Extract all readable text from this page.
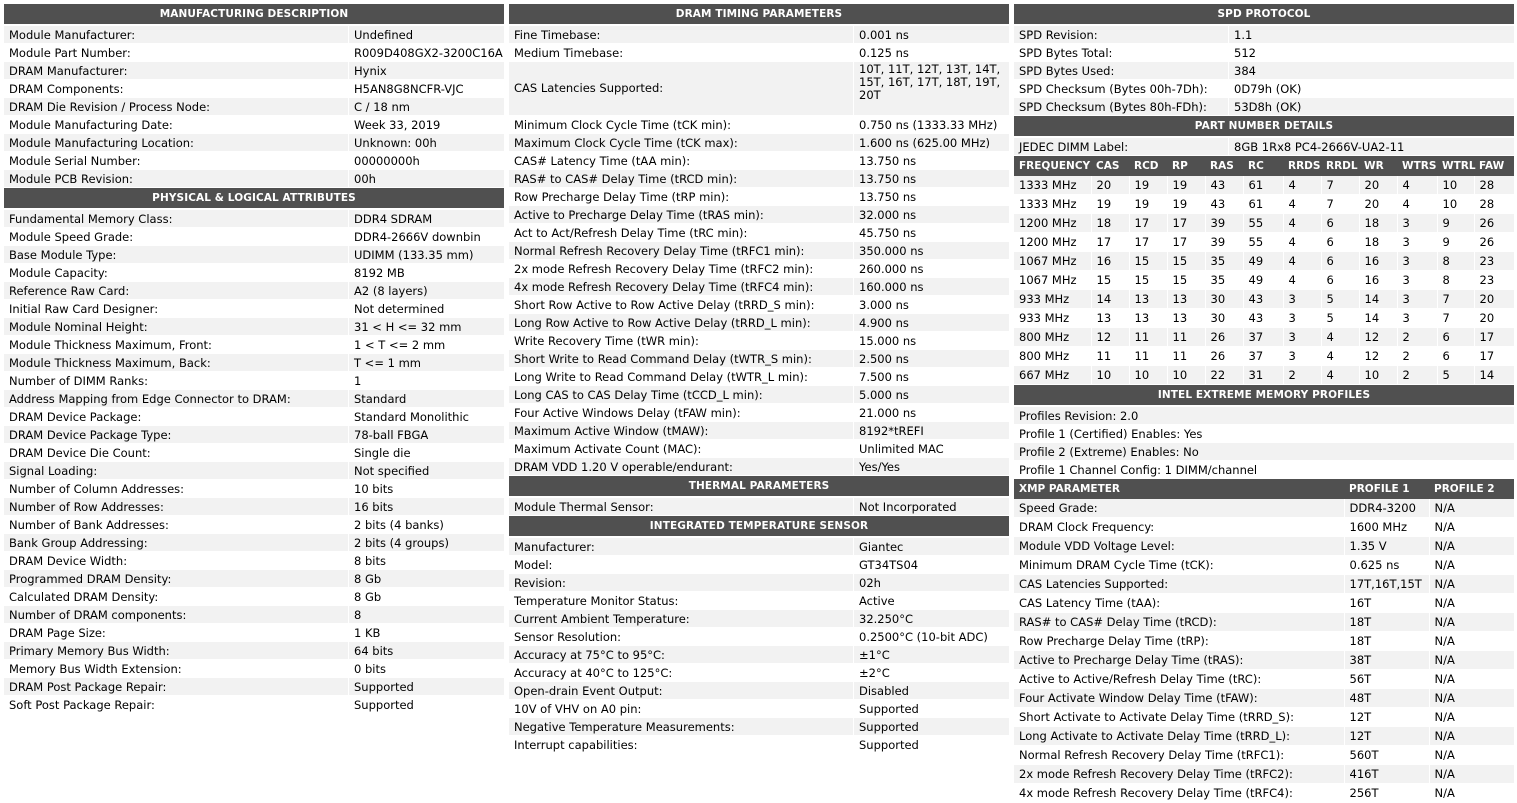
MANUFACTURING DESCRIPTION
Module Manufacturer:	Undefined
Module Part Number:	R009D408GX2-3200C16A
DRAM Manufacturer:	Hynix
DRAM Components:	H5AN8G8NCFR-VJC
DRAM Die Revision / Process Node:	C / 18 nm
Module Manufacturing Date:	Week 33, 2019
Module Manufacturing Location:	Unknown: 00h
Module Serial Number:	00000000h
Module PCB Revision:	00h
PHYSICAL & LOGICAL ATTRIBUTES
Fundamental Memory Class:	DDR4 SDRAM
Module Speed Grade:	DDR4-2666V downbin
Base Module Type:	UDIMM (133.35 mm)
Module Capacity:	8192 MB
Reference Raw Card:	A2 (8 layers)
Initial Raw Card Designer:	Not determined
Module Nominal Height:	31 < H <= 32 mm
Module Thickness Maximum, Front:	1 < T <= 2 mm
Module Thickness Maximum, Back:	T <= 1 mm
Number of DIMM Ranks:	1
Address Mapping from Edge Connector to DRAM:	Standard
DRAM Device Package:	Standard Monolithic
DRAM Device Package Type:	78-ball FBGA
DRAM Device Die Count:	Single die
Signal Loading:	Not specified
Number of Column Addresses:	10 bits
Number of Row Addresses:	16 bits
Number of Bank Addresses:	2 bits (4 banks)
Bank Group Addressing:	2 bits (4 groups)
DRAM Device Width:	8 bits
Programmed DRAM Density:	8 Gb
Calculated DRAM Density:	8 Gb
Number of DRAM components:	8
DRAM Page Size:	1 KB
Primary Memory Bus Width:	64 bits
Memory Bus Width Extension:	0 bits
DRAM Post Package Repair:	Supported
Soft Post Package Repair:	Supported
DRAM TIMING PARAMETERS
Fine Timebase:	0.001 ns
Medium Timebase:	0.125 ns
CAS Latencies Supported:
10T, 11T, 12T, 13T, 14T, 15T, 16T, 17T, 18T, 19T, 20T
Minimum Clock Cycle Time (tCK min):	0.750 ns (1333.33 MHz)
Maximum Clock Cycle Time (tCK max):	1.600 ns (625.00 MHz)
CAS# Latency Time (tAA min):	13.750 ns
RAS# to CAS# Delay Time (tRCD min):	13.750 ns
Row Precharge Delay Time (tRP min):	13.750 ns
Active to Precharge Delay Time (tRAS min):	32.000 ns
Act to Act/Refresh Delay Time (tRC min):	45.750 ns
Normal Refresh Recovery Delay Time (tRFC1 min):	350.000 ns
2x mode Refresh Recovery Delay Time (tRFC2 min):	260.000 ns
4x mode Refresh Recovery Delay Time (tRFC4 min):	160.000 ns
Short Row Active to Row Active Delay (tRRD_S min):	3.000 ns
Long Row Active to Row Active Delay (tRRD_L min):	4.900 ns
Write Recovery Time (tWR min):	15.000 ns
Short Write to Read Command Delay (tWTR_S min):	2.500 ns
Long Write to Read Command Delay (tWTR_L min):	7.500 ns
Long CAS to CAS Delay Time (tCCD_L min):	5.000 ns
Four Active Windows Delay (tFAW min):	21.000 ns
Maximum Active Window (tMAW):	8192*tREFI
Maximum Activate Count (MAC):	Unlimited MAC
DRAM VDD 1.20 V operable/endurant:	Yes/Yes
THERMAL PARAMETERS
Module Thermal Sensor:	Not Incorporated
INTEGRATED TEMPERATURE SENSOR
Manufacturer:	Giantec
Model:	GT34TS04
Revision:	02h
Temperature Monitor Status:	Active
Current Ambient Temperature:	32.250°C
Sensor Resolution:	0.2500°C (10-bit ADC)
Accuracy at 75°C to 95°C:	±1°C
Accuracy at 40°C to 125°C:	±2°C
Open-drain Event Output:	Disabled
10V of VHV on A0 pin:	Supported
Negative Temperature Measurements:	Supported
Interrupt capabilities:	Supported
SPD PROTOCOL
SPD Revision:	1.1
SPD Bytes Total:	512
SPD Bytes Used:	384
SPD Checksum (Bytes 00h-7Dh):	0D79h (OK)
SPD Checksum (Bytes 80h-FDh):	53D8h (OK)
PART NUMBER DETAILS
JEDEC DIMM Label:	8GB 1Rx8 PC4-2666V-UA2-11
FREQUENCY	CAS	RCD	RP	RAS	RC	RRDS	RRDL	WR	WTRS	WTRL	FAW
1333 MHz	20	19	19	43	61	4	7	20	4	10	28
1333 MHz	19	19	19	43	61	4	7	20	4	10	28
1200 MHz	18	17	17	39	55	4	6	18	3	9	26
1200 MHz	17	17	17	39	55	4	6	18	3	9	26
1067 MHz	16	15	15	35	49	4	6	16	3	8	23
1067 MHz	15	15	15	35	49	4	6	16	3	8	23
933 MHz	14	13	13	30	43	3	5	14	3	7	20
933 MHz	13	13	13	30	43	3	5	14	3	7	20
800 MHz	12	11	11	26	37	3	4	12	2	6	17
800 MHz	11	11	11	26	37	3	4	12	2	6	17
667 MHz	10	10	10	22	31	2	4	10	2	5	14
INTEL EXTREME MEMORY PROFILES
Profiles Revision: 2.0
Profile 1 (Certified) Enables: Yes
Profile 2 (Extreme) Enables: No
Profile 1 Channel Config: 1 DIMM/channel
XMP PARAMETER	PROFILE 1	PROFILE 2
Speed Grade:	DDR4-3200	N/A
DRAM Clock Frequency:	1600 MHz	N/A
Module VDD Voltage Level:	1.35 V	N/A
Minimum DRAM Cycle Time (tCK):	0.625 ns	N/A
CAS Latencies Supported:	17T,16T,15T	N/A
CAS Latency Time (tAA):	16T	N/A
RAS# to CAS# Delay Time (tRCD):	18T	N/A
Row Precharge Delay Time (tRP):	18T	N/A
Active to Precharge Delay Time (tRAS):	38T	N/A
Active to Active/Refresh Delay Time (tRC):	56T	N/A
Four Activate Window Delay Time (tFAW):	48T	N/A
Short Activate to Activate Delay Time (tRRD_S):	12T	N/A
Long Activate to Activate Delay Time (tRRD_L):	12T	N/A
Normal Refresh Recovery Delay Time (tRFC1):	560T	N/A
2x mode Refresh Recovery Delay Time (tRFC2):	416T	N/A
4x mode Refresh Recovery Delay Time (tRFC4):	256T	N/A
